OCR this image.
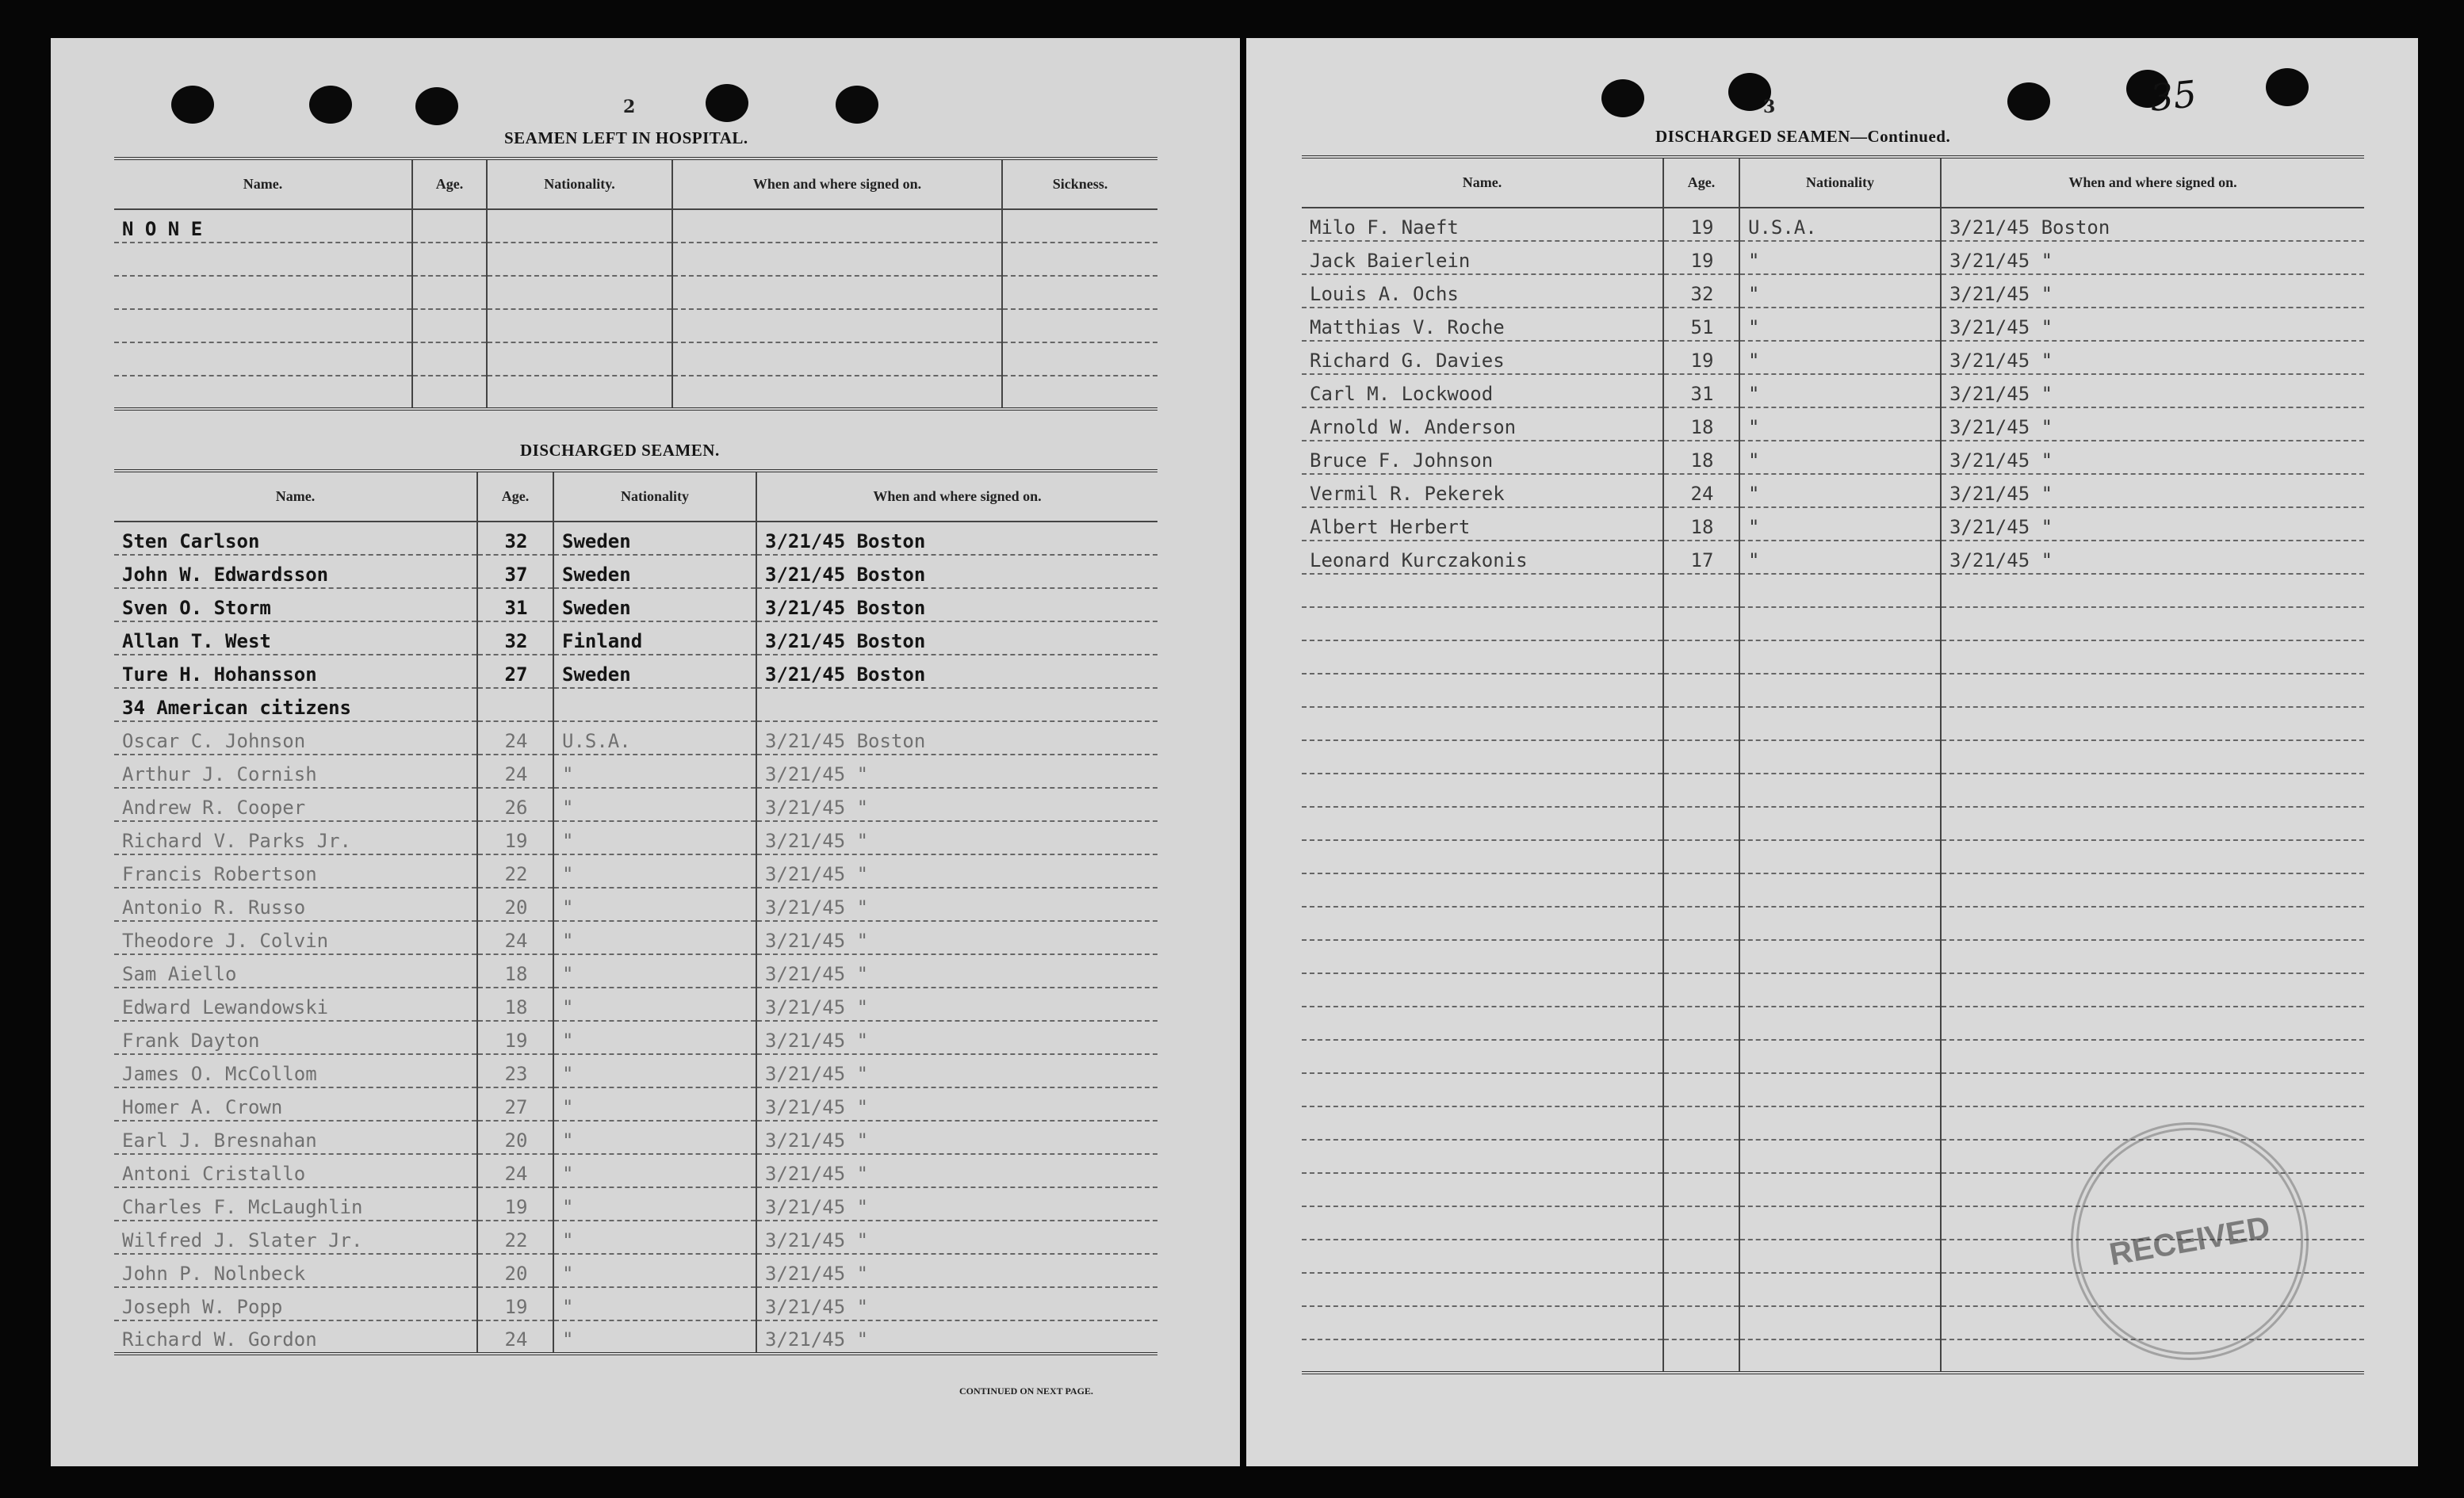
2
SEAMEN LEFT IN HOSPITAL.
Name.	Age.	Nationality.	When and where signed on.	Sickness.
N O N E				

DISCHARGED SEAMEN.
Name.	Age.	Nationality	When and where signed on.
Sten Carlson	32	Sweden	3/21/45 Boston
John W. Edwardsson	37	Sweden	3/21/45 Boston
Sven O. Storm	31	Sweden	3/21/45 Boston
Allan T. West	32	Finland	3/21/45 Boston
Ture H. Hohansson	27	Sweden	3/21/45 Boston
34 American citizens			
Oscar C. Johnson	24	U.S.A.	3/21/45 Boston
Arthur J. Cornish	24	"	3/21/45 "
Andrew R. Cooper	26	"	3/21/45 "
Richard V. Parks Jr.	19	"	3/21/45 "
Francis Robertson	22	"	3/21/45 "
Antonio R. Russo	20	"	3/21/45 "
Theodore J. Colvin	24	"	3/21/45 "
Sam Aiello	18	"	3/21/45 "
Edward Lewandowski	18	"	3/21/45 "
Frank Dayton	19	"	3/21/45 "
James O. McCollom	23	"	3/21/45 "
Homer A. Crown	27	"	3/21/45 "
Earl J. Bresnahan	20	"	3/21/45 "
Antoni Cristallo	24	"	3/21/45 "
Charles F. McLaughlin	19	"	3/21/45 "
Wilfred J. Slater Jr.	22	"	3/21/45 "
John P. Nolnbeck	20	"	3/21/45 "
Joseph W. Popp	19	"	3/21/45 "
Richard W. Gordon	24	"	3/21/45 "
CONTINUED ON NEXT PAGE.
35
3
DISCHARGED SEAMEN—Continued.
Name.	Age.	Nationality	When and where signed on.
Milo F. Naeft	19	U.S.A.	3/21/45 Boston
Jack Baierlein	19	"	3/21/45 "
Louis A. Ochs	32	"	3/21/45 "
Matthias V. Roche	51	"	3/21/45 "
Richard G. Davies	19	"	3/21/45 "
Carl M. Lockwood	31	"	3/21/45 "
Arnold W. Anderson	18	"	3/21/45 "
Bruce F. Johnson	18	"	3/21/45 "
Vermil R. Pekerek	24	"	3/21/45 "
Albert Herbert	18	"	3/21/45 "
Leonard Kurczakonis	17	"	3/21/45 "

RECEIVED
